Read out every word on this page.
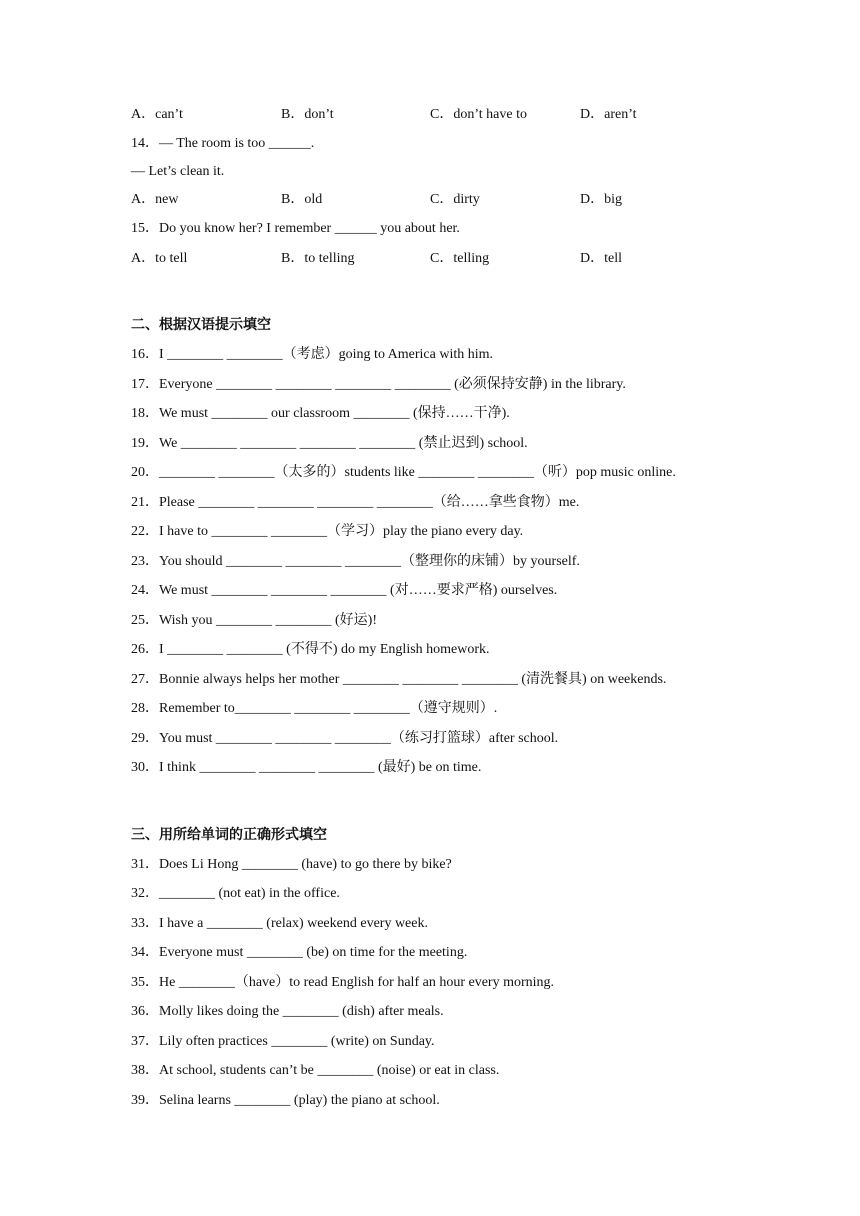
A．can’t	B．don’t	C．don’t have to	D．aren’t
14．— The room is too ______.
— Let’s clean it.
A．new	B．old	C．dirty	D．big
15．Do you know her? I remember ______ you about her.
A．to tell	B．to telling	C．telling	D．tell
二、根据汉语提示填空
16．I ________ ________（考虑）going to America with him.
17．Everyone ________ ________ ________ ________ (必须保持安静) in the library.
18．We must ________ our classroom ________ (保持……干净).
19．We ________ ________ ________ ________ (禁止迟到) school.
20．________ ________（太多的）students like ________ ________（听）pop music online.
21．Please ________ ________ ________ ________（给……拿些食物）me.
22．I have to ________ ________（学习）play the piano every day.
23．You should ________ ________ ________（整理你的床铺）by yourself.
24．We must ________ ________ ________ (对……要求严格) ourselves.
25．Wish you ________ ________ (好运)!
26．I ________ ________ (不得不) do my English homework.
27．Bonnie always helps her mother ________ ________ ________ (清洗餐具) on weekends.
28．Remember to________ ________ ________（遵守规则）.
29．You must ________ ________ ________（练习打篮球）after school.
30．I think ________ ________ ________ (最好) be on time.
三、用所给单词的正确形式填空
31．Does Li Hong ________ (have) to go there by bike?
32．________ (not eat) in the office.
33．I have a ________ (relax) weekend every week.
34．Everyone must ________ (be) on time for the meeting.
35．He ________（have）to read English for half an hour every morning.
36．Molly likes doing the ________ (dish) after meals.
37．Lily often practices ________ (write) on Sunday.
38．At school, students can’t be ________ (noise) or eat in class.
39．Selina learns ________ (play) the piano at school.
